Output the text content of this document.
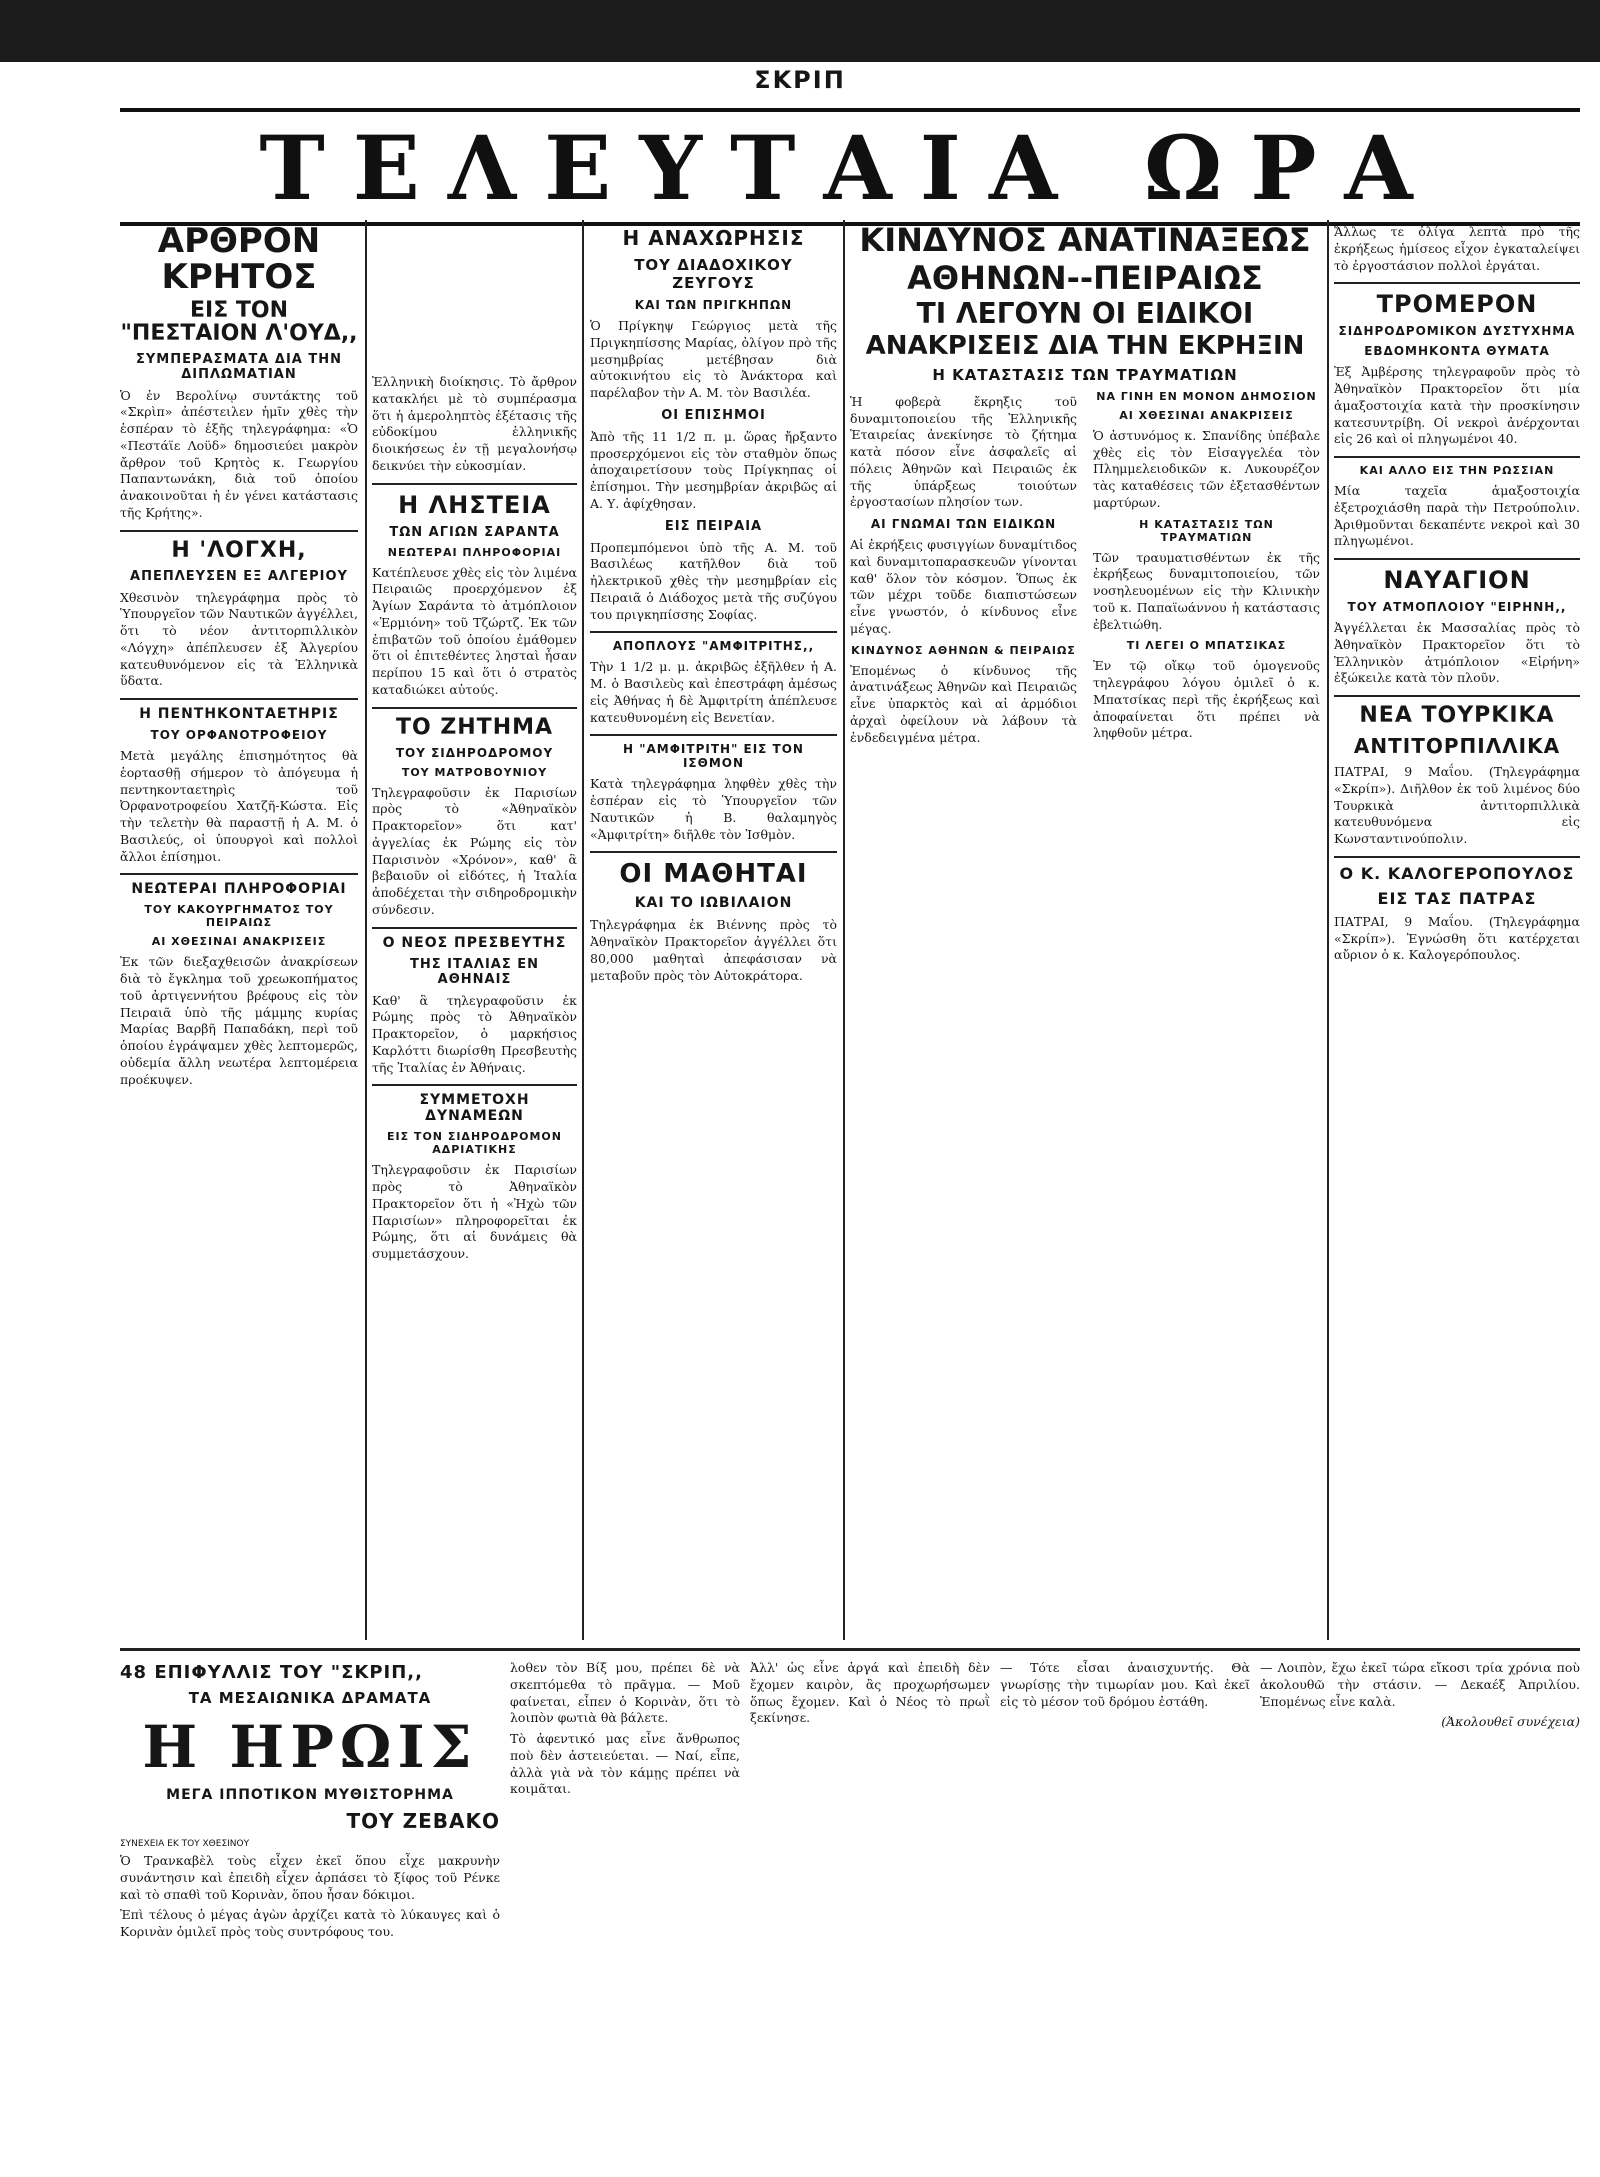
ΣΚΡΙΠ
ΤΕΛΕΥΤΑΙΑ ΩΡΑ
ΑΡΘΡΟΝ ΚΡΗΤΟΣ
ΕΙΣ ΤΟΝ "ΠΕΣΤΑΙΟΝ Λ'ΟΥΔ,,
ΣΥΜΠΕΡΑΣΜΑΤΑ ΔΙΑ ΤΗΝ ΔΙΠΛΩΜΑΤΙΑΝ

Ὁ ἐν Βερολίνῳ συντάκτης τοῦ «Σκρὶπ» ἀπέστειλεν ἡμῖν χθὲς τὴν ἑσπέραν τὸ ἑξῆς τηλεγράφημα: «Ὁ «Πεστάϊε Λοϋδ» δημοσιεύει μακρὸν ἄρθρον τοῦ Κρητὸς κ. Γεωργίου Παπαντωνάκη, διὰ τοῦ ὁποίου ἀνακοινοῦται ἡ ἐν γένει κατάστασις τῆς Κρήτης».

Η 'ΛΟΓΧΗ,
ΑΠΕΠΛΕΥΣΕΝ ΕΞ ΑΛΓΕΡΙΟΥ

Χθεσινὸν τηλεγράφημα πρὸς τὸ Ὑπουργεῖον τῶν Ναυτικῶν ἀγγέλλει, ὅτι τὸ νέον ἀντιτορπιλλικὸν «Λόγχη» ἀπέπλευσεν ἐξ Ἀλγερίου κατευθυνόμενον εἰς τὰ Ἑλληνικὰ ὕδατα.

Η ΠΕΝΤΗΚΟΝΤΑΕΤΗΡΙΣ
ΤΟΥ ΟΡΦΑΝΟΤΡΟΦΕΙΟΥ

Μετὰ μεγάλης ἐπισημότητος θὰ ἑορτασθῇ σήμερον τὸ ἀπόγευμα ἡ πεντηκονταετηρὶς τοῦ Ὀρφανοτροφείου Χατζῆ-Κώστα. Εἰς τὴν τελετὴν θὰ παραστῇ ἡ Α. Μ. ὁ Βασιλεύς, οἱ ὑπουργοὶ καὶ πολλοὶ ἄλλοι ἐπίσημοι.

ΝΕΩΤΕΡΑΙ ΠΛΗΡΟΦΟΡΙΑΙ
ΤΟΥ ΚΑΚΟΥΡΓΗΜΑΤΟΣ ΤΟΥ ΠΕΙΡΑΙΩΣ
ΑΙ ΧΘΕΣΙΝΑΙ ΑΝΑΚΡΙΣΕΙΣ

Ἐκ τῶν διεξαχθεισῶν ἀνακρίσεων διὰ τὸ ἔγκλημα τοῦ χρεωκοπήματος τοῦ ἀρτιγεννήτου βρέφους εἰς τὸν Πειραιᾶ ὑπὸ τῆς μάμμης κυρίας Μαρίας Βαρβῆ Παπαδάκη, περὶ τοῦ ὁποίου ἐγράψαμεν χθὲς λεπτομερῶς, οὐδεμία ἄλλη νεωτέρα λεπτομέρεια προέκυψεν.

Ἑλληνικὴ διοίκησις. Τὸ ἄρθρον κατακλήει μὲ τὸ συμπέρασμα ὅτι ἡ ἀμεροληπτὸς ἐξέτασις τῆς εὐδοκίμου ἑλληνικῆς διοικήσεως ἐν τῇ μεγαλονήσῳ δεικνύει τὴν εὐκοσμίαν.

Η ΛΗΣΤΕΙΑ
ΤΩΝ ΑΓΙΩΝ ΣΑΡΑΝΤΑ
ΝΕΩΤΕΡΑΙ ΠΛΗΡΟΦΟΡΙΑΙ

Κατέπλευσε χθὲς εἰς τὸν λιμένα Πειραιῶς προερχόμενον ἐξ Ἁγίων Σαράντα τὸ ἀτμόπλοιον «Ἑρμιόνη» τοῦ Τζώρτζ. Ἐκ τῶν ἐπιβατῶν τοῦ ὁποίου ἐμάθομεν ὅτι οἱ ἐπιτεθέντες λησταὶ ἦσαν περίπου 15 καὶ ὅτι ὁ στρατὸς καταδιώκει αὐτούς.

ΤΟ ΖΗΤΗΜΑ
ΤΟΥ ΣΙΔΗΡΟΔΡΟΜΟΥ
ΤΟΥ ΜΑΤΡΟΒΟΥΝΙΟΥ

Τηλεγραφοῦσιν ἐκ Παρισίων πρὸς τὸ «Ἀθηναϊκὸν Πρακτορεῖον» ὅτι κατ' ἀγγελίας ἐκ Ρώμης εἰς τὸν Παρισινὸν «Χρόνον», καθ' ἃ βεβαιοῦν οἱ εἰδότες, ἡ Ἰταλία ἀποδέχεται τὴν σιδηροδρομικὴν σύνδεσιν.

Ο ΝΕΟΣ ΠΡΕΣΒΕΥΤΗΣ
ΤΗΣ ΙΤΑΛΙΑΣ ΕΝ ΑΘΗΝΑΙΣ

Καθ' ἃ τηλεγραφοῦσιν ἐκ Ρώμης πρὸς τὸ Ἀθηναϊκὸν Πρακτορεῖον, ὁ μαρκήσιος Καρλόττι διωρίσθη Πρεσβευτὴς τῆς Ἰταλίας ἐν Ἀθήναις.

ΣΥΜΜΕΤΟΧΗ ΔΥΝΑΜΕΩΝ
ΕΙΣ ΤΟΝ ΣΙΔΗΡΟΔΡΟΜΟΝ ΑΔΡΙΑΤΙΚΗΣ

Τηλεγραφοῦσιν ἐκ Παρισίων πρὸς τὸ Ἀθηναϊκὸν Πρακτορεῖον ὅτι ἡ «Ἠχὼ τῶν Παρισίων» πληροφορεῖται ἐκ Ρώμης, ὅτι αἱ δυνάμεις θὰ συμμετάσχουν.

Η ΑΝΑΧΩΡΗΣΙΣ
ΤΟΥ ΔΙΑΔΟΧΙΚΟΥ ΖΕΥΓΟΥΣ
ΚΑΙ ΤΩΝ ΠΡΙΓΚΗΠΩΝ

Ὁ Πρίγκηψ Γεώργιος μετὰ τῆς Πριγκηπίσσης Μαρίας, ὀλίγον πρὸ τῆς μεσημβρίας μετέβησαν διὰ αὐτοκινήτου εἰς τὸ Ἀνάκτορα καὶ παρέλαβον τὴν Α. Μ. τὸν Βασιλέα.

ΟΙ ΕΠΙΣΗΜΟΙ

Ἀπὸ τῆς 11 1/2 π. μ. ὥρας ἤρξαντο προσερχόμενοι εἰς τὸν σταθμὸν ὅπως ἀποχαιρετίσουν τοὺς Πρίγκηπας οἱ ἐπίσημοι. Τὴν μεσημβρίαν ἀκριβῶς αἱ Α. Υ. ἀφίχθησαν.

ΕΙΣ ΠΕΙΡΑΙΑ

Προπεμπόμενοι ὑπὸ τῆς Α. Μ. τοῦ Βασιλέως κατῆλθον διὰ τοῦ ἠλεκτρικοῦ χθὲς τὴν μεσημβρίαν εἰς Πειραιᾶ ὁ Διάδοχος μετὰ τῆς συζύγου του πριγκηπίσσης Σοφίας.

ΑΠΟΠΛΟΥΣ "ΑΜΦΙΤΡΙΤΗΣ,,

Τὴν 1 1/2 μ. μ. ἀκριβῶς ἐξῆλθεν ἡ Α. Μ. ὁ Βασιλεὺς καὶ ἐπεστράφη ἀμέσως εἰς Ἀθήνας ἡ δὲ Ἀμφιτρίτη ἀπέπλευσε κατευθυνομένη εἰς Βενετίαν.

Η "ΑΜΦΙΤΡΙΤΗ" ΕΙΣ ΤΟΝ ΙΣΘΜΟΝ

Κατὰ τηλεγράφημα ληφθὲν χθὲς τὴν ἑσπέραν εἰς τὸ Ὑπουργεῖον τῶν Ναυτικῶν ἡ Β. θαλαμηγὸς «Ἀμφιτρίτη» διῆλθε τὸν Ἰσθμὸν.

ΟΙ ΜΑΘΗΤΑΙ
ΚΑΙ ΤΟ ΙΩΒΙΛΑΙΟΝ

Τηλεγράφημα ἐκ Βιέννης πρὸς τὸ Ἀθηναϊκὸν Πρακτορεῖον ἀγγέλλει ὅτι 80,000 μαθηταὶ ἀπεφάσισαν νὰ μεταβοῦν πρὸς τὸν Αὐτοκράτορα.

ΚΙΝΔΥΝΟΣ ΑΝΑΤΙΝΑΞΕΩΣ
ΑΘΗΝΩΝ--ΠΕΙΡΑΙΩΣ
ΤΙ ΛΕΓΟΥΝ ΟΙ ΕΙΔΙΚΟΙ
ΑΝΑΚΡΙΣΕΙΣ ΔΙΑ ΤΗΝ ΕΚΡΗΞΙΝ
Η ΚΑΤΑΣΤΑΣΙΣ ΤΩΝ ΤΡΑΥΜΑΤΙΩΝ

Ἡ φοβερὰ ἔκρηξις τοῦ δυναμιτοποιείου τῆς Ἑλληνικῆς Ἑταιρείας ἀνεκίνησε τὸ ζήτημα κατὰ πόσον εἶνε ἀσφαλεῖς αἱ πόλεις Ἀθηνῶν καὶ Πειραιῶς ἐκ τῆς ὑπάρξεως τοιούτων ἐργοστασίων πλησίον των.

ΑΙ ΓΝΩΜΑΙ ΤΩΝ ΕΙΔΙΚΩΝ

Αἱ ἐκρήξεις φυσιγγίων δυναμίτιδος καὶ δυναμιτοπαρασκευῶν γίνονται καθ' ὅλον τὸν κόσμον. Ὅπως ἐκ τῶν μέχρι τοῦδε διαπιστώσεων εἶνε γνωστόν, ὁ κίνδυνος εἶνε μέγας.

ΚΙΝΔΥΝΟΣ ΑΘΗΝΩΝ & ΠΕΙΡΑΙΩΣ

Ἐπομένως ὁ κίνδυνος τῆς ἀνατινάξεως Ἀθηνῶν καὶ Πειραιῶς εἶνε ὑπαρκτὸς καὶ αἱ ἀρμόδιοι ἀρχαὶ ὀφείλουν νὰ λάβουν τὰ ἐνδεδειγμένα μέτρα.

ΝΑ ΓΙΝΗ ΕΝ ΜΟΝΟΝ ΔΗΜΟΣΙΟΝ
ΑΙ ΧΘΕΣΙΝΑΙ ΑΝΑΚΡΙΣΕΙΣ

Ὁ ἀστυνόμος κ. Σπανίδης ὑπέβαλε χθὲς εἰς τὸν Εἰσαγγελέα τὸν Πλημμελειοδικῶν κ. Λυκουρέζον τὰς καταθέσεις τῶν ἐξετασθέντων μαρτύρων.

Η ΚΑΤΑΣΤΑΣΙΣ ΤΩΝ ΤΡΑΥΜΑΤΙΩΝ

Τῶν τραυματισθέντων ἐκ τῆς ἐκρήξεως δυναμιτοποιείου, τῶν νοσηλευομένων εἰς τὴν Κλινικὴν τοῦ κ. Παπαϊωάννου ἡ κατάστασις ἐβελτιώθη.

ΤΙ ΛΕΓΕΙ Ο ΜΠΑΤΣΙΚΑΣ

Ἐν τῷ οἴκῳ τοῦ ὁμογενοῦς τηλεγράφου λόγου ὁμιλεῖ ὁ κ. Μπατσίκας περὶ τῆς ἐκρήξεως καὶ ἀποφαίνεται ὅτι πρέπει νὰ ληφθοῦν μέτρα.

Ἄλλως τε ὀλίγα λεπτὰ πρὸ τῆς ἐκρήξεως ἡμίσεος εἶχον ἐγκαταλείψει τὸ ἐργοστάσιον πολλοὶ ἐργάται.

ΤΡΟΜΕΡΟΝ
ΣΙΔΗΡΟΔΡΟΜΙΚΟΝ ΔΥΣΤΥΧΗΜΑ
ΕΒΔΟΜΗΚΟΝΤΑ ΘΥΜΑΤΑ

Ἐξ Ἀμβέρσης τηλεγραφοῦν πρὸς τὸ Ἀθηναϊκὸν Πρακτορεῖον ὅτι μία ἁμαξοστοιχία κατὰ τὴν προσκίνησιν κατεσυντρίβη. Οἱ νεκροὶ ἀνέρχονται εἰς 26 καὶ οἱ πληγωμένοι 40.

ΚΑΙ ΑΛΛΟ ΕΙΣ ΤΗΝ ΡΩΣΣΙΑΝ

Μία ταχεῖα ἁμαξοστοιχία ἐξετροχιάσθη παρὰ τὴν Πετρούπολιν. Ἀριθμοῦνται δεκαπέντε νεκροὶ καὶ 30 πληγωμένοι.

ΝΑΥΑΓΙΟΝ
ΤΟΥ ΑΤΜΟΠΛΟΙΟΥ "ΕΙΡΗΝΗ,,

Ἀγγέλλεται ἐκ Μασσαλίας πρὸς τὸ Ἀθηναϊκὸν Πρακτορεῖον ὅτι τὸ Ἑλληνικὸν ἀτμόπλοιον «Εἰρήνη» ἐξώκειλε κατὰ τὸν πλοῦν.

ΝΕΑ ΤΟΥΡΚΙΚΑ
ΑΝΤΙΤΟΡΠΙΛΛΙΚΑ

ΠΑΤΡΑΙ, 9 Μαΐου. (Τηλεγράφημα «Σκρίπ»). Διῆλθον ἐκ τοῦ λιμένος δύο Τουρκικὰ ἀντιτορπιλλικὰ κατευθυνόμενα εἰς Κωνσταντινούπολιν.

Ο Κ. ΚΑΛΟΓΕΡΟΠΟΥΛΟΣ
ΕΙΣ ΤΑΣ ΠΑΤΡΑΣ

ΠΑΤΡΑΙ, 9 Μαΐου. (Τηλεγράφημα «Σκρίπ»). Ἐγνώσθη ὅτι κατέρχεται αὔριον ὁ κ. Καλογερόπουλος.

48 ΕΠΙΦΥΛΛΙΣ ΤΟΥ "ΣΚΡΙΠ,,
ΤΑ ΜΕΣΑΙΩΝΙΚΑ ΔΡΑΜΑΤΑ
Η ΗΡΩΙΣ
ΜΕΓΑ ΙΠΠΟΤΙΚΟΝ ΜΥΘΙΣΤΟΡΗΜΑ
ΤΟΥ ΖΕΒΑΚΟ
ΣΥΝΕΧΕΙΑ ΕΚ ΤΟΥ ΧΘΕΣΙΝΟΥ

Ὁ Τρανκαβὲλ τοὺς εἶχεν ἐκεῖ ὅπου εἶχε μακρυνὴν συνάντησιν καὶ ἐπειδὴ εἶχεν ἀρπάσει τὸ ξίφος τοῦ Ρένκε καὶ τὸ σπαθὶ τοῦ Κορινὰν, ὅπου ἦσαν δόκιμοι.

Ἐπὶ τέλους ὁ μέγας ἀγὼν ἀρχίζει κατὰ τὸ λύκαυγες καὶ ὁ Κορινὰν ὁμιλεῖ πρὸς τοὺς συντρόφους του.

λοθεν τὸν Βίξ μου, πρέπει δὲ νὰ σκεπτόμεθα τὸ πρᾶγμα. — Μοῦ φαίνεται, εἶπεν ὁ Κορινὰν, ὅτι τὸ λοιπὸν φωτιὰ θὰ βάλετε.

Τὸ ἀφεντικό μας εἶνε ἄνθρωπος ποὺ δὲν ἀστειεύεται. — Ναί, εἶπε, ἀλλὰ γιὰ νὰ τὸν κάμῃς πρέπει νὰ κοιμᾶται.

Ἀλλ' ὡς εἶνε ἀργά καὶ ἐπειδὴ δὲν ἔχομεν καιρὸν, ἂς προχωρήσωμεν ὅπως ἔχομεν. Καὶ ὁ Νέος τὸ πρωῒ ξεκίνησε.

— Τότε εἶσαι ἀναισχυντής. Θὰ γνωρίσῃς τὴν τιμωρίαν μου. Καὶ ἐκεῖ εἰς τὸ μέσον τοῦ δρόμου ἐστάθη.

— Λοιπὸν, ἔχω ἐκεῖ τώρα εἴκοσι τρία χρόνια ποὺ ἀκολουθῶ τὴν στάσιν. — Δεκαέξ Ἀπριλίου. Ἑπομένως εἶνε καλὰ.

(Ἀκολουθεῖ συνέχεια)
